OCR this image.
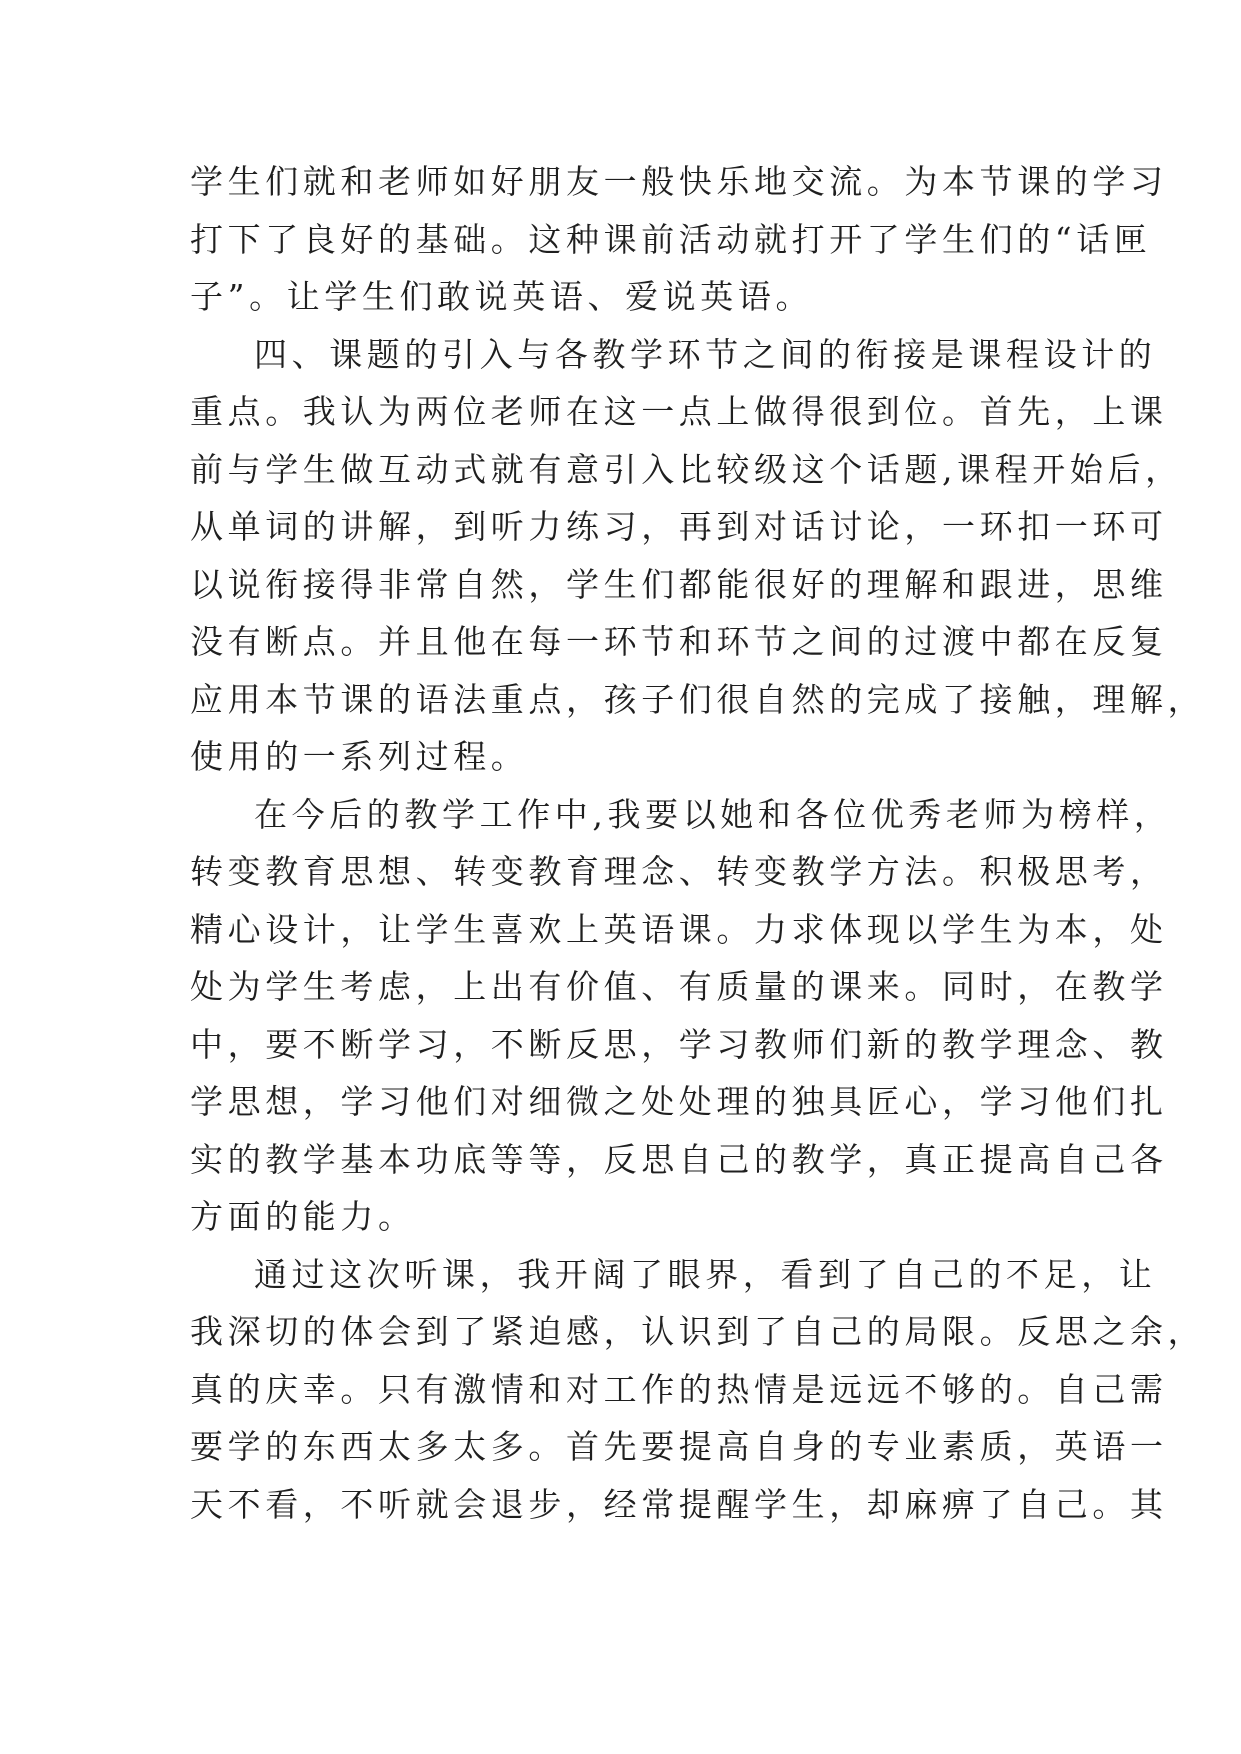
学生们就和老师如好朋友一般快乐地交流。为本节课的学习
打下了良好的基础。这种课前活动就打开了学生们的“话匣
子”。让学生们敢说英语、爱说英语。
四、课题的引入与各教学环节之间的衔接是课程设计的
重点。我认为两位老师在这一点上做得很到位。首先，上课
前与学生做互动式就有意引入比较级这个话题,课程开始后，
从单词的讲解，到听力练习，再到对话讨论，一环扣一环可
以说衔接得非常自然，学生们都能很好的理解和跟进，思维
没有断点。并且他在每一环节和环节之间的过渡中都在反复
应用本节课的语法重点，孩子们很自然的完成了接触，理解，
使用的一系列过程。
在今后的教学工作中,我要以她和各位优秀老师为榜样，
转变教育思想、转变教育理念、转变教学方法。积极思考，
精心设计，让学生喜欢上英语课。力求体现以学生为本，处
处为学生考虑，上出有价值、有质量的课来。同时，在教学
中，要不断学习，不断反思，学习教师们新的教学理念、教
学思想，学习他们对细微之处处理的独具匠心，学习他们扎
实的教学基本功底等等，反思自己的教学，真正提高自己各
方面的能力。
通过这次听课，我开阔了眼界，看到了自己的不足，让
我深切的体会到了紧迫感，认识到了自己的局限。反思之余，
真的庆幸。只有激情和对工作的热情是远远不够的。自己需
要学的东西太多太多。首先要提高自身的专业素质，英语一
天不看，不听就会退步，经常提醒学生，却麻痹了自己。其
